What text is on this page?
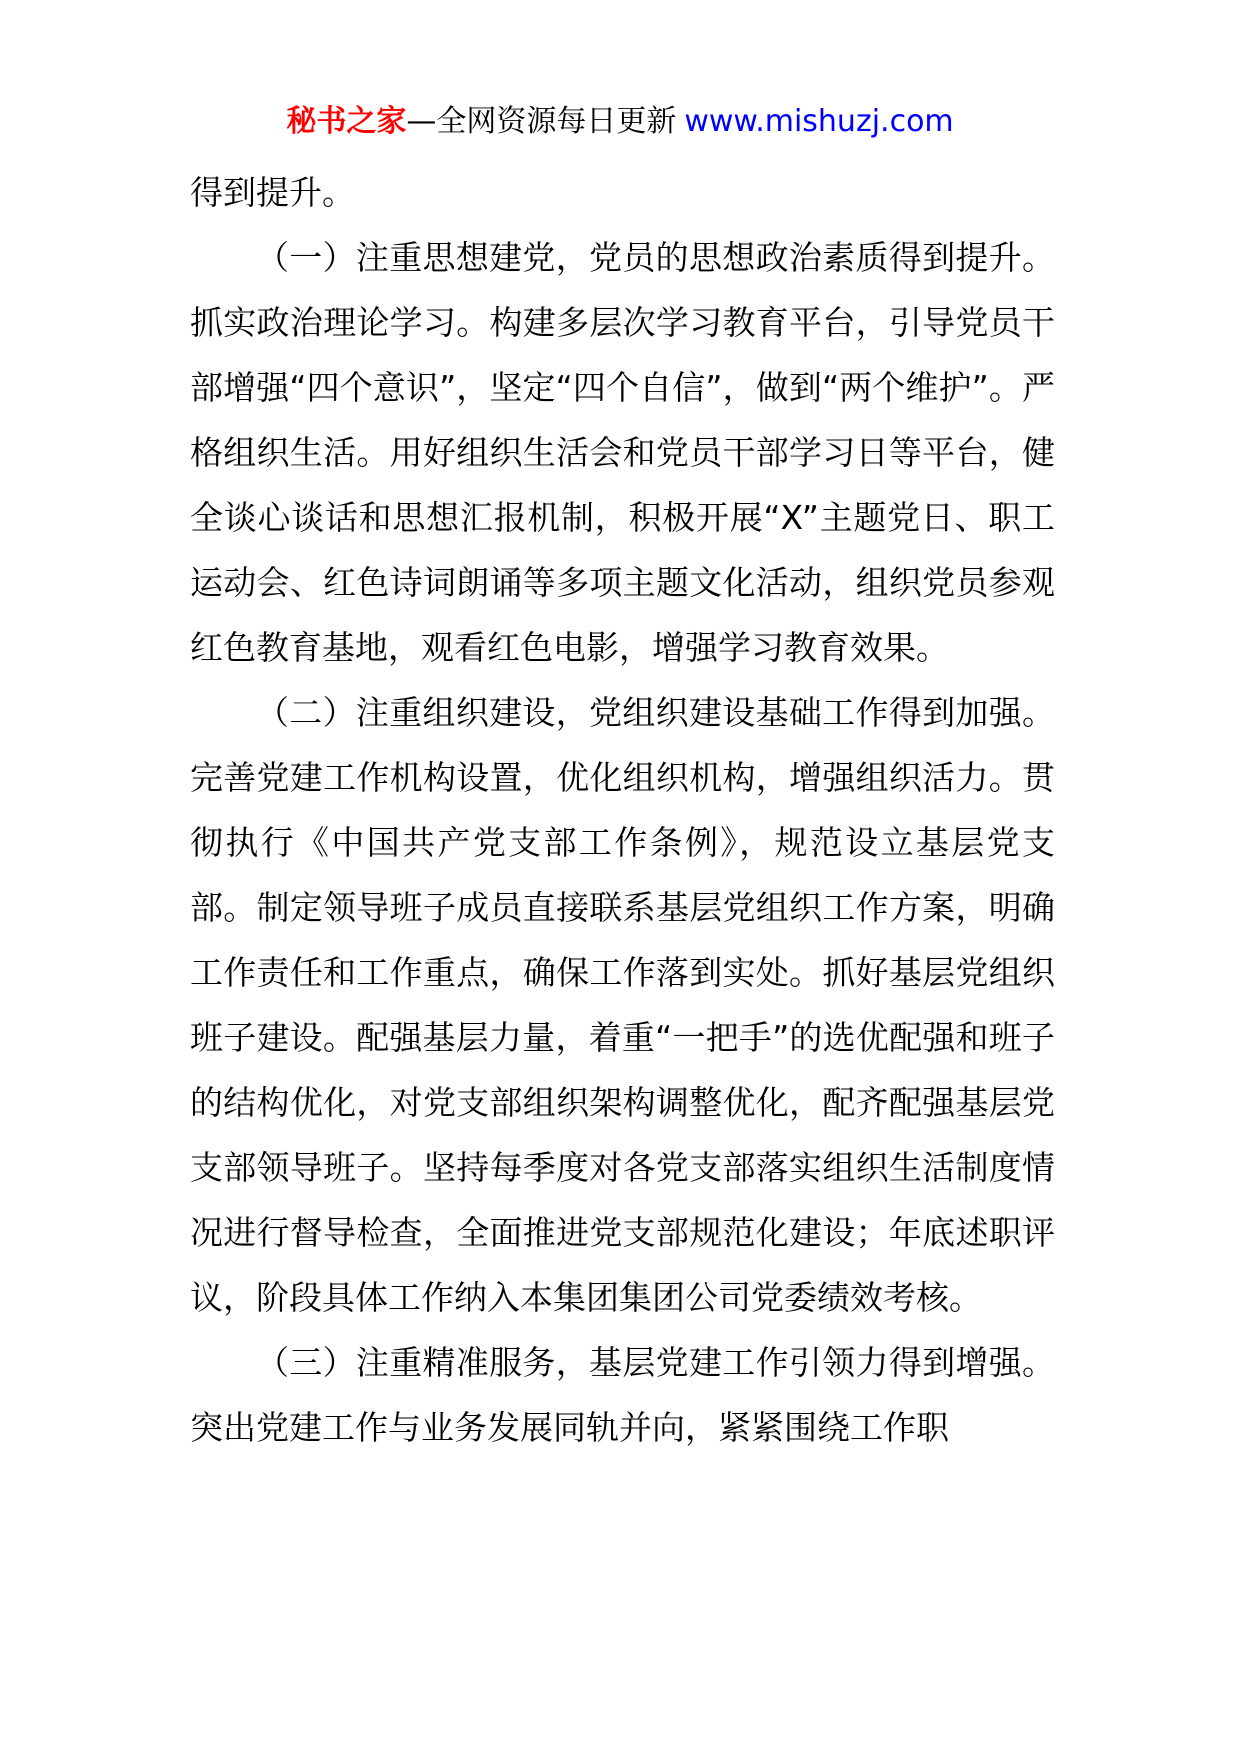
秘书之家—全网资源每日更新 www.mishuzj.com

得到提升。

（一）注重思想建党，党员的思想政治素质得到提升。抓实政治理论学习。构建多层次学习教育平台，引导党员干部增强“四个意识”，坚定“四个自信”，做到“两个维护”。严格组织生活。用好组织生活会和党员干部学习日等平台，健全谈心谈话和思想汇报机制，积极开展“X”主题党日、职工运动会、红色诗词朗诵等多项主题文化活动，组织党员参观红色教育基地，观看红色电影，增强学习教育效果。

（二）注重组织建设，党组织建设基础工作得到加强。完善党建工作机构设置，优化组织机构，增强组织活力。贯彻执行《中国共产党支部工作条例》，规范设立基层党支部。制定领导班子成员直接联系基层党组织工作方案，明确工作责任和工作重点，确保工作落到实处。抓好基层党组织班子建设。配强基层力量，着重“一把手”的选优配强和班子的结构优化，对党支部组织架构调整优化，配齐配强基层党支部领导班子。坚持每季度对各党支部落实组织生活制度情况进行督导检查，全面推进党支部规范化建设；年底述职评议，阶段具体工作纳入本集团集团公司党委绩效考核。

（三）注重精准服务，基层党建工作引领力得到增强。突出党建工作与业务发展同轨并向，紧紧围绕工作职
